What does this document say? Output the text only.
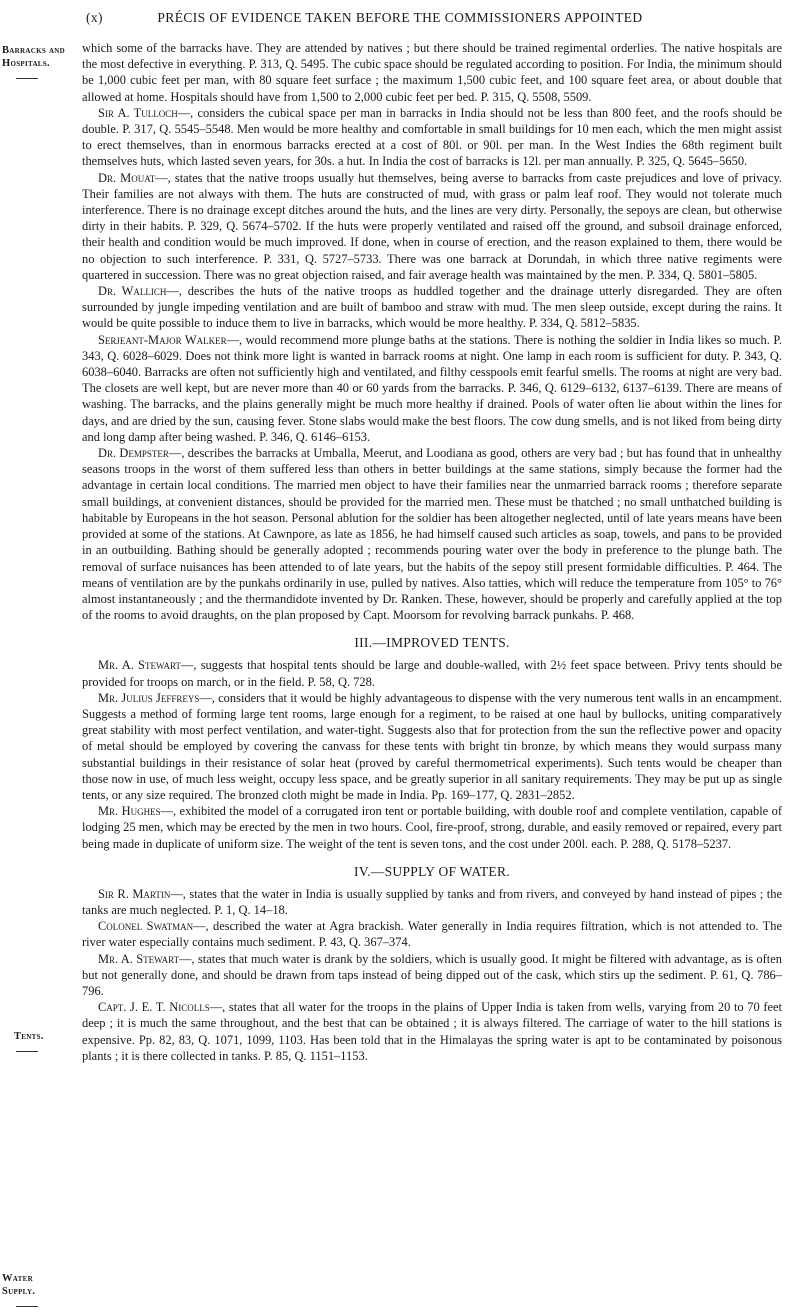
(x)	PRÉCIS OF EVIDENCE TAKEN BEFORE THE COMMISSIONERS APPOINTED
Barracks and Hospitals.
Tents.
Water Supply.

which some of the barracks have. They are attended by natives ; but there should be trained regimental orderlies. The native hospitals are the most defective in everything. P. 313, Q. 5495. The cubic space should be regulated according to position. For India, the minimum should be 1,000 cubic feet per man, with 80 square feet surface ; the maximum 1,500 cubic feet, and 100 square feet area, or about double that allowed at home. Hospitals should have from 1,500 to 2,000 cubic feet per bed. P. 315, Q. 5508, 5509.

Sir A. Tulloch—, considers the cubical space per man in barracks in India should not be less than 800 feet, and the roofs should be double. P. 317, Q. 5545–5548. Men would be more healthy and comfortable in small buildings for 10 men each, which the men might assist to erect themselves, than in enormous barracks erected at a cost of 80l. or 90l. per man. In the West Indies the 68th regiment built themselves huts, which lasted seven years, for 30s. a hut. In India the cost of barracks is 12l. per man annually. P. 325, Q. 5645–5650.

Dr. Mouat—, states that the native troops usually hut themselves, being averse to barracks from caste prejudices and love of privacy. Their families are not always with them. The huts are constructed of mud, with grass or palm leaf roof. They would not tolerate much interference. There is no drainage except ditches around the huts, and the lines are very dirty. Personally, the sepoys are clean, but otherwise dirty in their habits. P. 329, Q. 5674–5702. If the huts were properly ventilated and raised off the ground, and subsoil drainage enforced, their health and condition would be much improved. If done, when in course of erection, and the reason explained to them, there would be no objection to such interference. P. 331, Q. 5727–5733. There was one barrack at Dorundah, in which three native regiments were quartered in succession. There was no great objection raised, and fair average health was maintained by the men. P. 334, Q. 5801–5805.

Dr. Wallich—, describes the huts of the native troops as huddled together and the drainage utterly disregarded. They are often surrounded by jungle impeding ventilation and are built of bamboo and straw with mud. The men sleep outside, except during the rains. It would be quite possible to induce them to live in barracks, which would be more healthy. P. 334, Q. 5812–5835.

Serjeant-Major Walker—, would recommend more plunge baths at the stations. There is nothing the soldier in India likes so much. P. 343, Q. 6028–6029. Does not think more light is wanted in barrack rooms at night. One lamp in each room is sufficient for duty. P. 343, Q. 6038–6040. Barracks are often not sufficiently high and ventilated, and filthy cesspools emit fearful smells. The rooms at night are very bad. The closets are well kept, but are never more than 40 or 60 yards from the barracks. P. 346, Q. 6129–6132, 6137–6139. There are means of washing. The barracks, and the plains generally might be much more healthy if drained. Pools of water often lie about within the lines for days, and are dried by the sun, causing fever. Stone slabs would make the best floors. The cow dung smells, and is not liked from being dirty and long damp after being washed. P. 346, Q. 6146–6153.

Dr. Dempster—, describes the barracks at Umballa, Meerut, and Loodiana as good, others are very bad ; but has found that in unhealthy seasons troops in the worst of them suffered less than others in better buildings at the same stations, simply because the former had the advantage in certain local conditions. The married men object to have their families near the unmarried barrack rooms ; therefore separate small buildings, at convenient distances, should be provided for the married men. These must be thatched ; no small unthatched building is habitable by Europeans in the hot season. Personal ablution for the soldier has been altogether neglected, until of late years means have been provided at some of the stations. At Cawnpore, as late as 1856, he had himself caused such articles as soap, towels, and pans to be provided in an outbuilding. Bathing should be generally adopted ; recommends pouring water over the body in preference to the plunge bath. The removal of surface nuisances has been attended to of late years, but the habits of the sepoy still present formidable difficulties. P. 464. The means of ventilation are by the punkahs ordinarily in use, pulled by natives. Also tatties, which will reduce the temperature from 105° to 76° almost instantaneously ; and the thermandidote invented by Dr. Ranken. These, however, should be properly and carefully applied at the top of the rooms to avoid draughts, on the plan proposed by Capt. Moorsom for revolving barrack punkahs. P. 468.

III.—IMPROVED TENTS.

Mr. A. Stewart—, suggests that hospital tents should be large and double-walled, with 2½ feet space between. Privy tents should be provided for troops on march, or in the field. P. 58, Q. 728.

Mr. Julius Jeffreys—, considers that it would be highly advantageous to dispense with the very numerous tent walls in an encampment. Suggests a method of forming large tent rooms, large enough for a regiment, to be raised at one haul by bullocks, uniting comparatively great stability with most perfect ventilation, and water-tight. Suggests also that for protection from the sun the reflective power and opacity of metal should be employed by covering the canvass for these tents with bright tin bronze, by which means they would surpass many substantial buildings in their resistance of solar heat (proved by careful thermometrical experiments). Such tents would be cheaper than those now in use, of much less weight, occupy less space, and be greatly superior in all sanitary requirements. They may be put up as single tents, or any size required. The bronzed cloth might be made in India. Pp. 169–177, Q. 2831–2852.

Mr. Hughes—, exhibited the model of a corrugated iron tent or portable building, with double roof and complete ventilation, capable of lodging 25 men, which may be erected by the men in two hours. Cool, fire-proof, strong, durable, and easily removed or repaired, every part being made in duplicate of uniform size. The weight of the tent is seven tons, and the cost under 200l. each. P. 288, Q. 5178–5237.

IV.—SUPPLY OF WATER.

Sir R. Martin—, states that the water in India is usually supplied by tanks and from rivers, and conveyed by hand instead of pipes ; the tanks are much neglected. P. 1, Q. 14–18.

Colonel Swatman—, described the water at Agra brackish. Water generally in India requires filtration, which is not attended to. The river water especially contains much sediment. P. 43, Q. 367–374.

Mr. A. Stewart—, states that much water is drank by the soldiers, which is usually good. It might be filtered with advantage, as is often but not generally done, and should be drawn from taps instead of being dipped out of the cask, which stirs up the sediment. P. 61, Q. 786–796.

Capt. J. E. T. Nicolls—, states that all water for the troops in the plains of Upper India is taken from wells, varying from 20 to 70 feet deep ; it is much the same throughout, and the best that can be obtained ; it is always filtered. The carriage of water to the hill stations is expensive. Pp. 82, 83, Q. 1071, 1099, 1103. Has been told that in the Himalayas the spring water is apt to be contaminated by poisonous plants ; it is there collected in tanks. P. 85, Q. 1151–1153.
